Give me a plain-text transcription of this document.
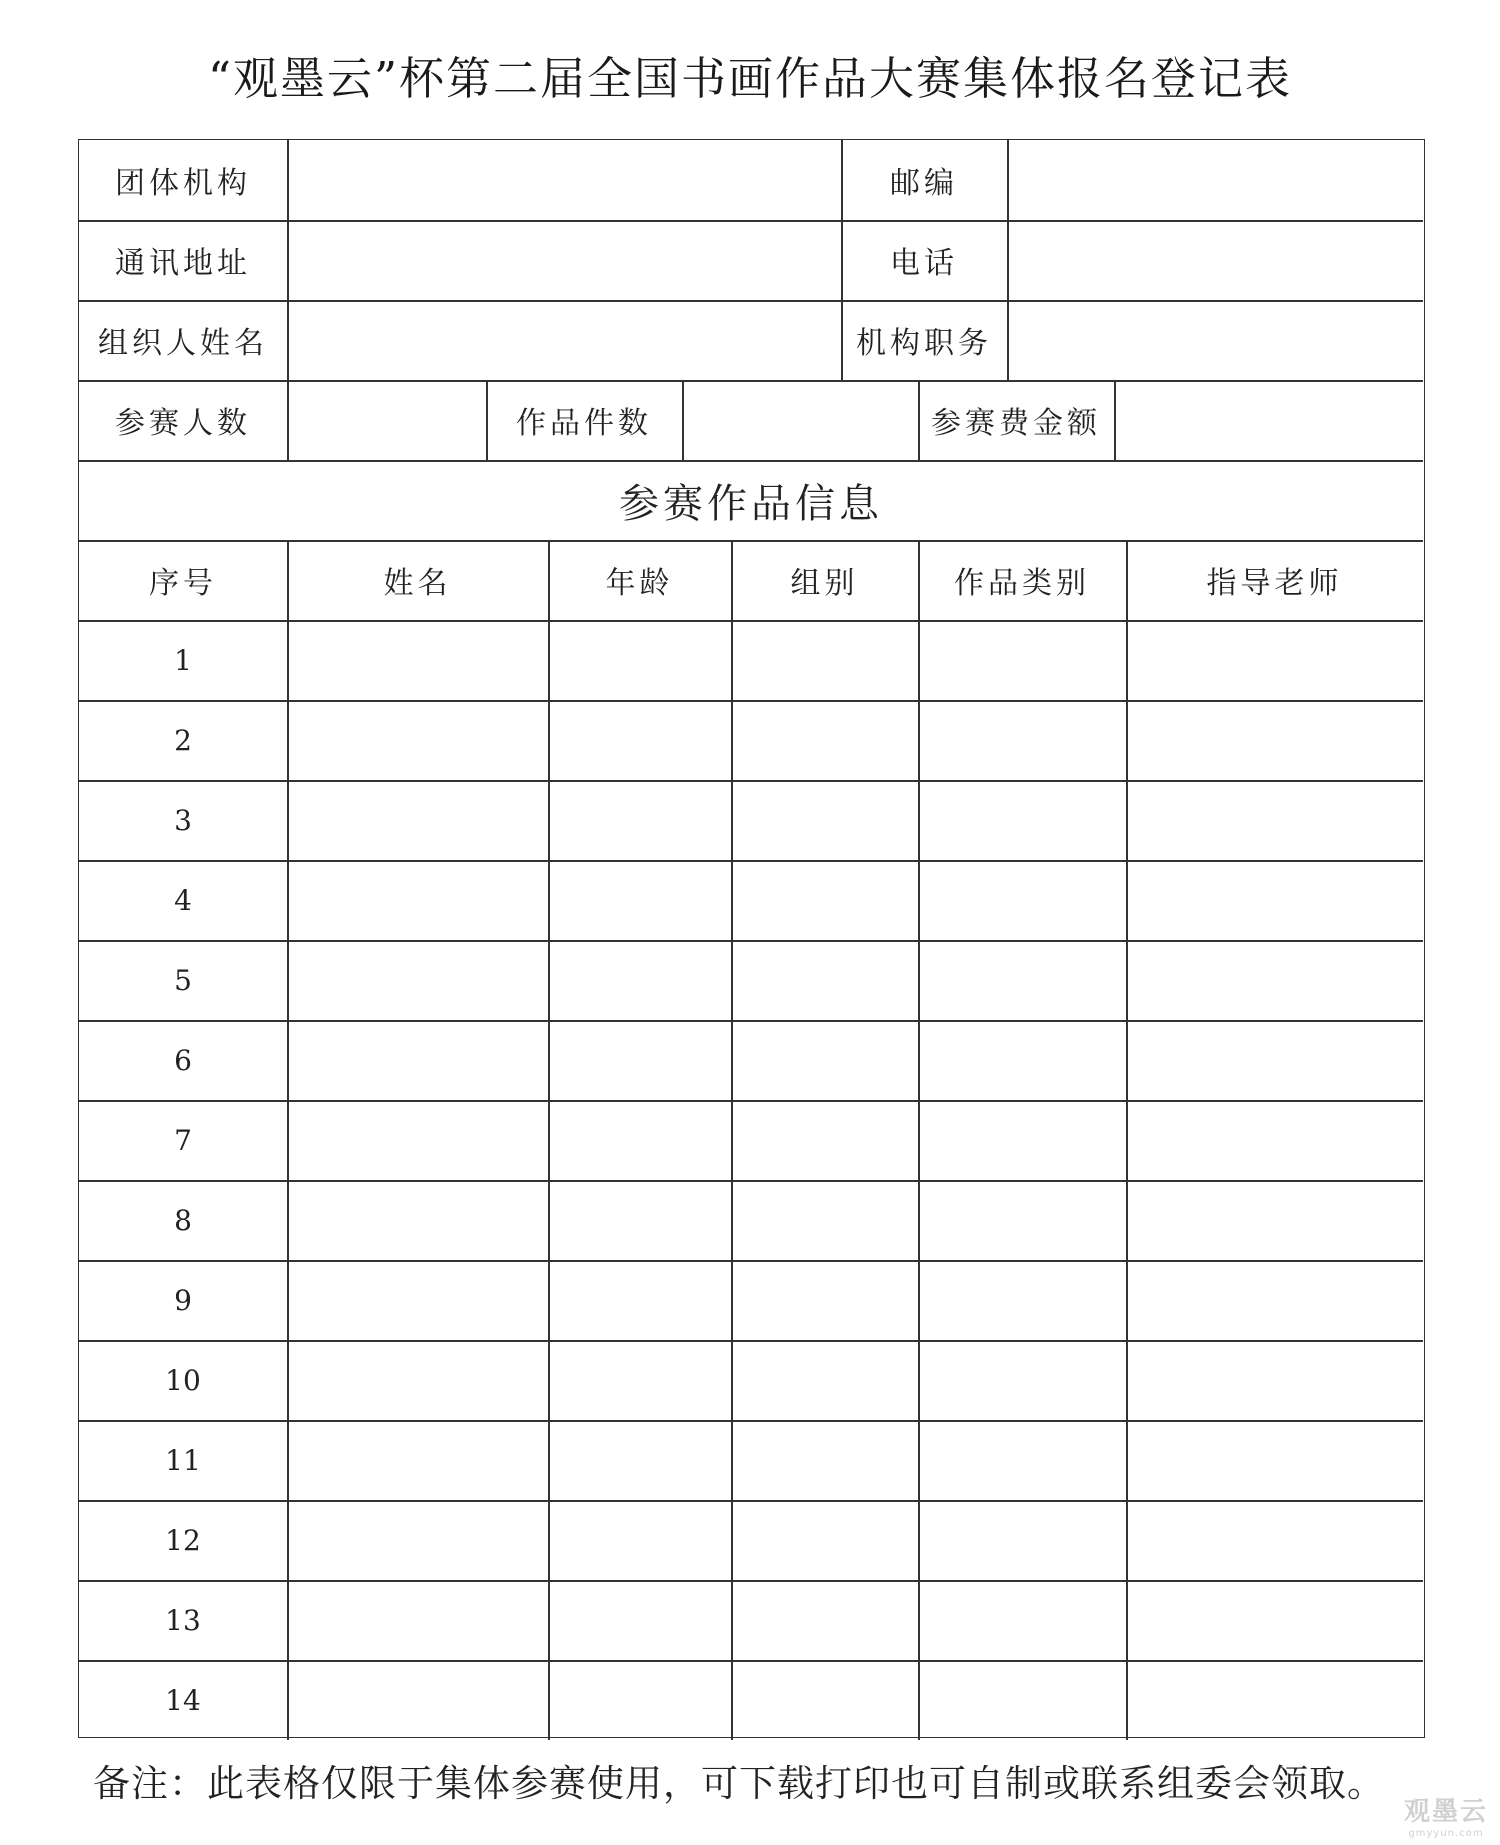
“观墨云”杯第二届全国书画作品大赛集体报名登记表
团体机构	邮编
通讯地址	电话
组织人姓名	机构职务
参赛人数	作品件数	参赛费金额
参赛作品信息
序号	姓名	年龄	组别	作品类别	指导老师
1
2
3
4
5
6
7
8
9
10
11
12
13
14
备注：此表格仅限于集体参赛使用，可下载打印也可自制或联系组委会领取。
观墨云
gmyyun.com
